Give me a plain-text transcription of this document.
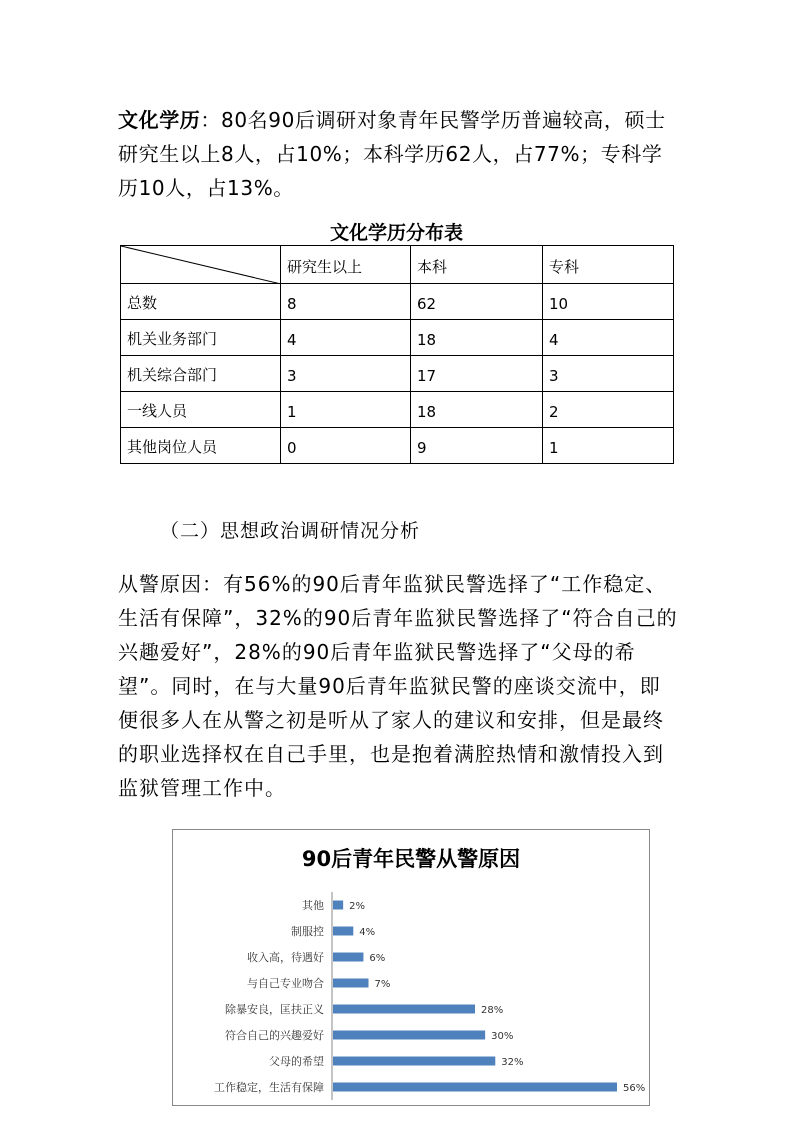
文化学历：80名90后调研对象青年民警学历普遍较高，硕士研究生以上8人，占10%；本科学历62人，占77%；专科学历10人，占13%。

文化学历分布表
	研究生以上	本科	专科
总数	8	62	10
机关业务部门	4	18	4
机关综合部门	3	17	3
一线人员	1	18	2
其他岗位人员	0	9	1
（二）思想政治调研情况分析

从警原因：有56%的90后青年监狱民警选择了“工作稳定、生活有保障”，32%的90后青年监狱民警选择了“符合自己的兴趣爱好”，28%的90后青年监狱民警选择了“父母的希望”。同时，在与大量90后青年监狱民警的座谈交流中，即便很多人在从警之初是听从了家人的建议和安排，但是最终的职业选择权在自己手里，也是抱着满腔热情和激情投入到监狱管理工作中。

90后青年民警从警原因
其他	2%
制服控	4%
收入高，待遇好	6%
与自己专业吻合	7%
除暴安良，匡扶正义	28%
符合自己的兴趣爱好	30%
父母的希望	32%
工作稳定，生活有保障	56%
